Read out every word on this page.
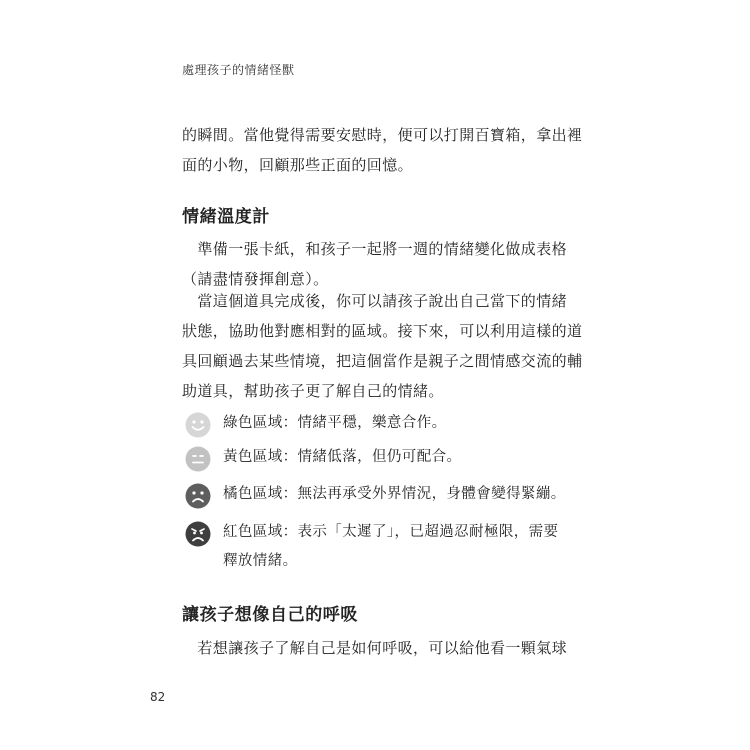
處理孩子的情緒怪獸

的瞬間。當他覺得需要安慰時，便可以打開百寶箱，拿出裡
面的小物，回顧那些正面的回憶。

情緒溫度計

　準備一張卡紙，和孩子一起將一週的情緒變化做成表格
（請盡情發揮創意）。

　當這個道具完成後，你可以請孩子說出自己當下的情緒
狀態，協助他對應相對的區域。接下來，可以利用這樣的道
具回顧過去某些情境，把這個當作是親子之間情感交流的輔
助道具，幫助孩子更了解自己的情緒。

綠色區域：情緒平穩，樂意合作。
黃色區域：情緒低落，但仍可配合。
橘色區域：無法再承受外界情況，身體會變得緊繃。
紅色區域：表示「太遲了」，已超過忍耐極限，需要
釋放情緒。
讓孩子想像自己的呼吸

　若想讓孩子了解自己是如何呼吸，可以給他看一顆氣球

82
